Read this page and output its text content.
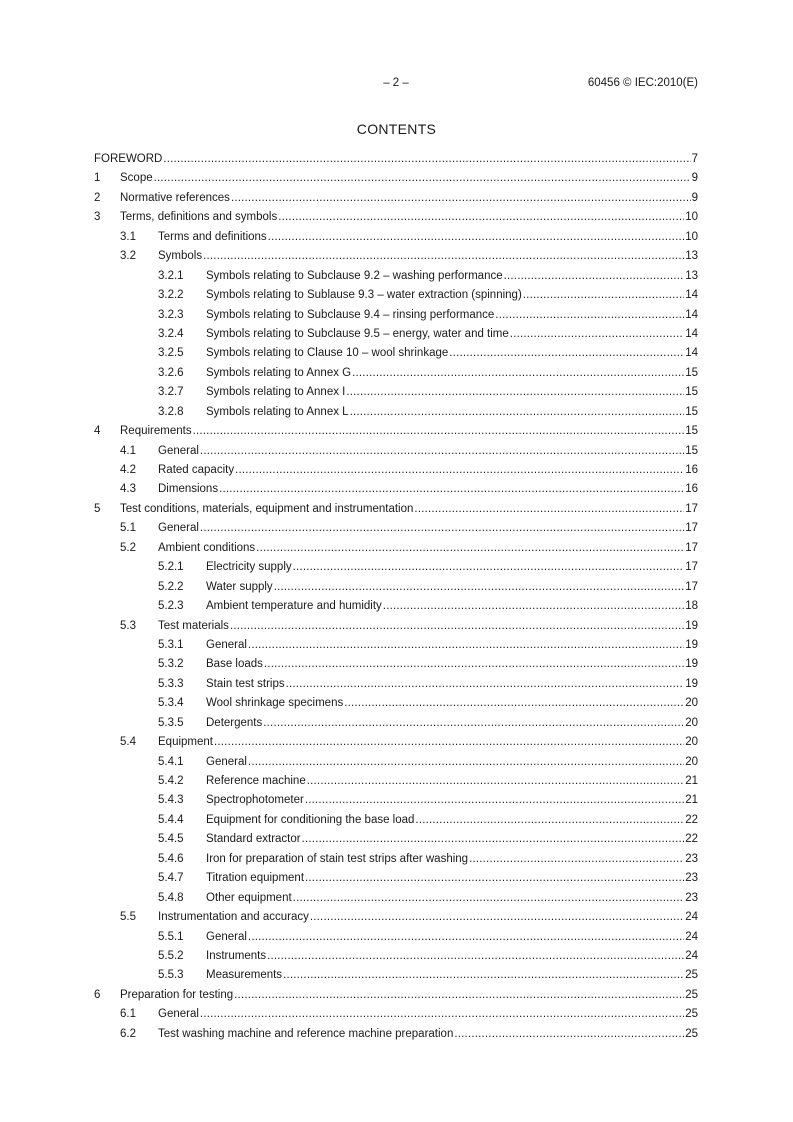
– 2 –	60456 © IEC:2010(E)
CONTENTS
FOREWORD .....	7
1	Scope .....	9
2	Normative references .....	9
3	Terms, definitions and symbols .....	10
3.1	Terms and definitions .....	10
3.2	Symbols .....	13
3.2.1	Symbols relating to Subclause 9.2 – washing performance .....	13
3.2.2	Symbols relating to Sublause 9.3 – water extraction (spinning) .....	14
3.2.3	Symbols relating to Subclause 9.4 – rinsing performance .....	14
3.2.4	Symbols relating to Subclause 9.5 – energy, water and time .....	14
3.2.5	Symbols relating to Clause 10 – wool shrinkage .....	14
3.2.6	Symbols relating to Annex G .....	15
3.2.7	Symbols relating to Annex I .....	15
3.2.8	Symbols relating to Annex L .....	15
4	Requirements .....	15
4.1	General .....	15
4.2	Rated capacity .....	16
4.3	Dimensions .....	16
5	Test conditions, materials, equipment and instrumentation .....	17
5.1	General .....	17
5.2	Ambient conditions .....	17
5.2.1	Electricity supply .....	17
5.2.2	Water supply .....	17
5.2.3	Ambient temperature and humidity .....	18
5.3	Test materials .....	19
5.3.1	General .....	19
5.3.2	Base loads .....	19
5.3.3	Stain test strips .....	19
5.3.4	Wool shrinkage specimens .....	20
5.3.5	Detergents .....	20
5.4	Equipment .....	20
5.4.1	General .....	20
5.4.2	Reference machine .....	21
5.4.3	Spectrophotometer .....	21
5.4.4	Equipment for conditioning the base load .....	22
5.4.5	Standard extractor .....	22
5.4.6	Iron for preparation of stain test strips after washing .....	23
5.4.7	Titration equipment .....	23
5.4.8	Other equipment .....	23
5.5	Instrumentation and accuracy .....	24
5.5.1	General .....	24
5.5.2	Instruments .....	24
5.5.3	Measurements .....	25
6	Preparation for testing .....	25
6.1	General .....	25
6.2	Test washing machine and reference machine preparation .....	25
